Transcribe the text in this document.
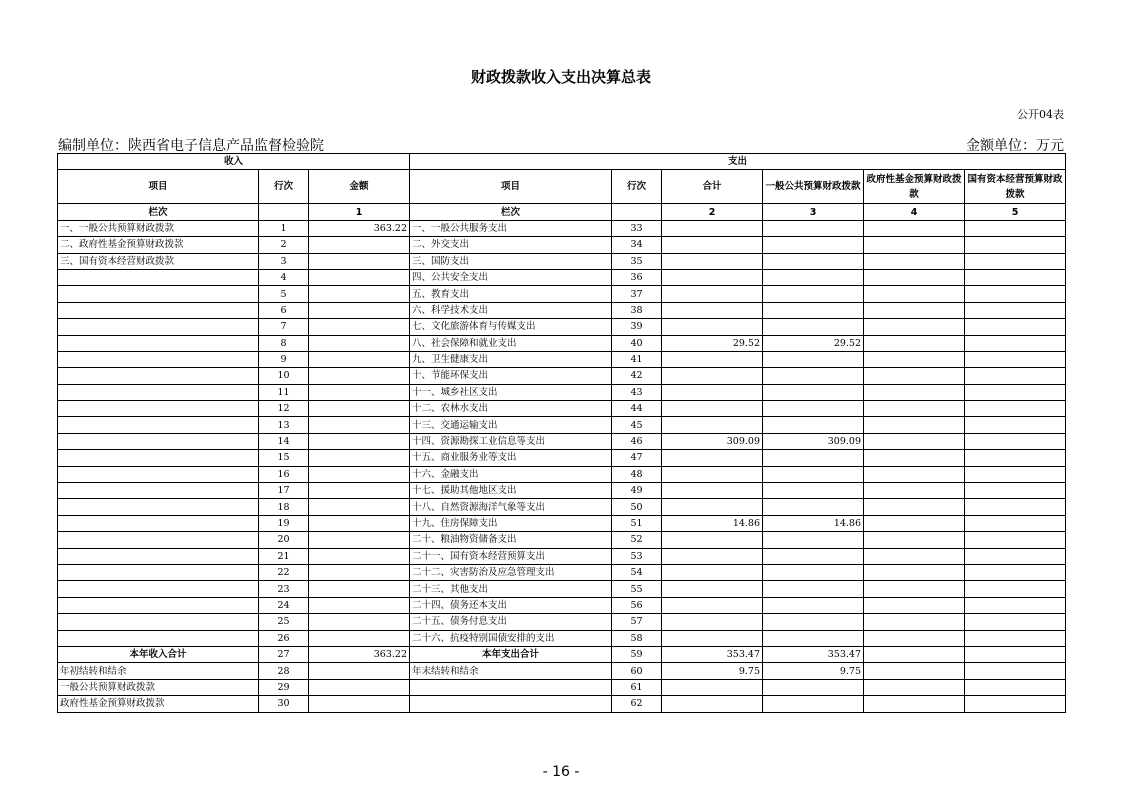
财政拨款收入支出决算总表
公开04表
编制单位：陕西省电子信息产品监督检验院	金额单位：万元
收入			支出					
项目	行次	金额	项目	行次	合计	一般公共预算财政拨款	政府性基金预算财政拨款	国有资本经营预算财政拨款
栏次		1	栏次		2	3	4	5
一、一般公共预算财政拨款	1	363.22	一、一般公共服务支出	33				
二、政府性基金预算财政拨款	2		二、外交支出	34				
三、国有资本经营财政拨款	3		三、国防支出	35				
	4		四、公共安全支出	36				
	5		五、教育支出	37				
	6		六、科学技术支出	38				
	7		七、文化旅游体育与传媒支出	39				
	8		八、社会保障和就业支出	40	29.52	29.52		
	9		九、卫生健康支出	41				
	10		十、节能环保支出	42				
	11		十一、城乡社区支出	43				
	12		十二、农林水支出	44				
	13		十三、交通运输支出	45				
	14		十四、资源勘探工业信息等支出	46	309.09	309.09		
	15		十五、商业服务业等支出	47				
	16		十六、金融支出	48				
	17		十七、援助其他地区支出	49				
	18		十八、自然资源海洋气象等支出	50				
	19		十九、住房保障支出	51	14.86	14.86		
	20		二十、粮油物资储备支出	52				
	21		二十一、国有资本经营预算支出	53				
	22		二十二、灾害防治及应急管理支出	54				
	23		二十三、其他支出	55				
	24		二十四、债务还本支出	56				
	25		二十五、债务付息支出	57				
	26		二十六、抗疫特别国债安排的支出	58				
本年收入合计	27	363.22	本年支出合计	59	353.47	353.47		
年初结转和结余	28		年末结转和结余	60	9.75	9.75		
一般公共预算财政拨款	29			61				
政府性基金预算财政拨款	30			62				
- 16 -
